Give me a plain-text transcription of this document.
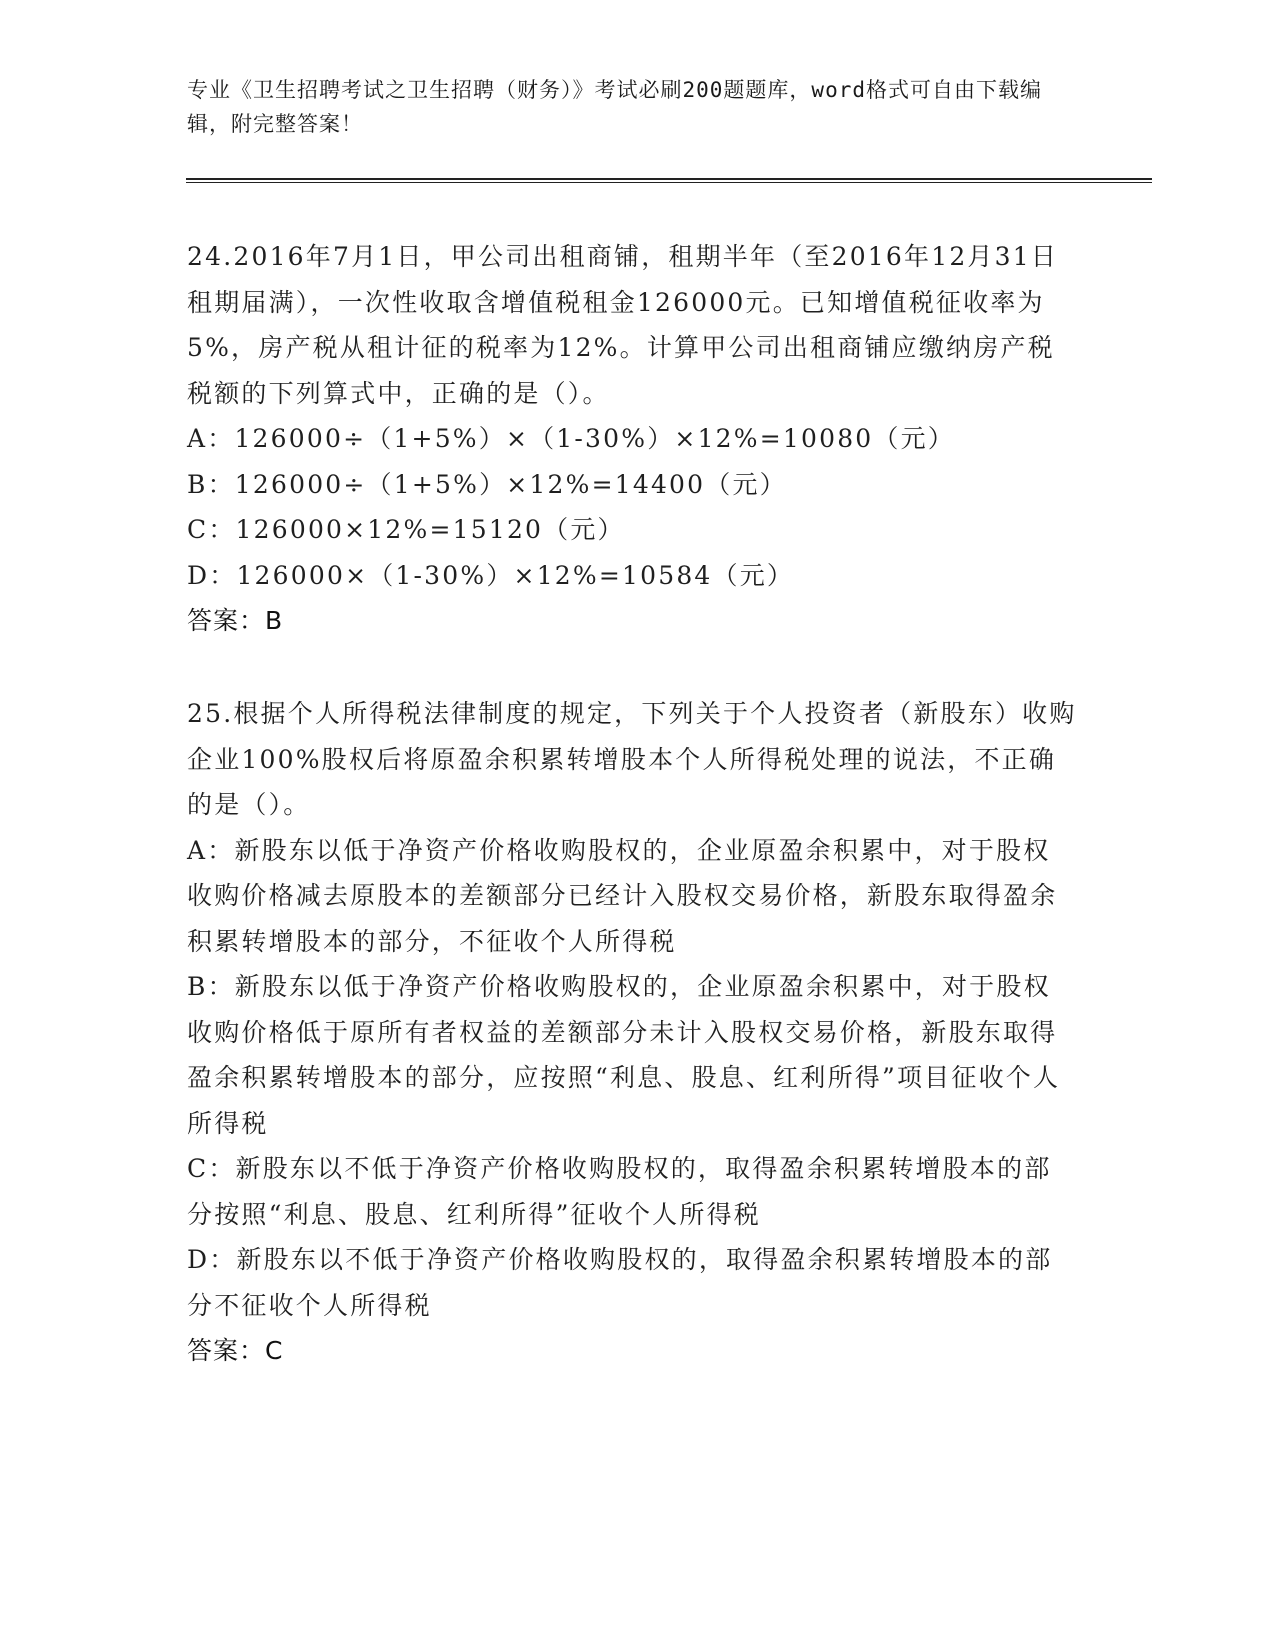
专业《卫生招聘考试之卫生招聘（财务）》考试必刷200题题库，word格式可自由下载编辑，附完整答案！

24.2016年7月1日，甲公司出租商铺，租期半年（至2016年12月31日租期届满），一次性收取含增值税租金126000元。已知增值税征收率为5%，房产税从租计征的税率为12%。计算甲公司出租商铺应缴纳房产税税额的下列算式中，正确的是（）。

A：126000÷（1+5%）×（1-30%）×12%=10080（元）

B：126000÷（1+5%）×12%=14400（元）

C：126000×12%=15120（元）

D：126000×（1-30%）×12%=10584（元）

答案：B

25.根据个人所得税法律制度的规定，下列关于个人投资者（新股东）收购企业100%股权后将原盈余积累转增股本个人所得税处理的说法，不正确的是（）。

A：新股东以低于净资产价格收购股权的，企业原盈余积累中，对于股权收购价格减去原股本的差额部分已经计入股权交易价格，新股东取得盈余积累转增股本的部分，不征收个人所得税

B：新股东以低于净资产价格收购股权的，企业原盈余积累中，对于股权收购价格低于原所有者权益的差额部分未计入股权交易价格，新股东取得盈余积累转增股本的部分，应按照“利息、股息、红利所得”项目征收个人所得税

C：新股东以不低于净资产价格收购股权的，取得盈余积累转增股本的部分按照“利息、股息、红利所得”征收个人所得税

D：新股东以不低于净资产价格收购股权的，取得盈余积累转增股本的部分不征收个人所得税

答案：C
